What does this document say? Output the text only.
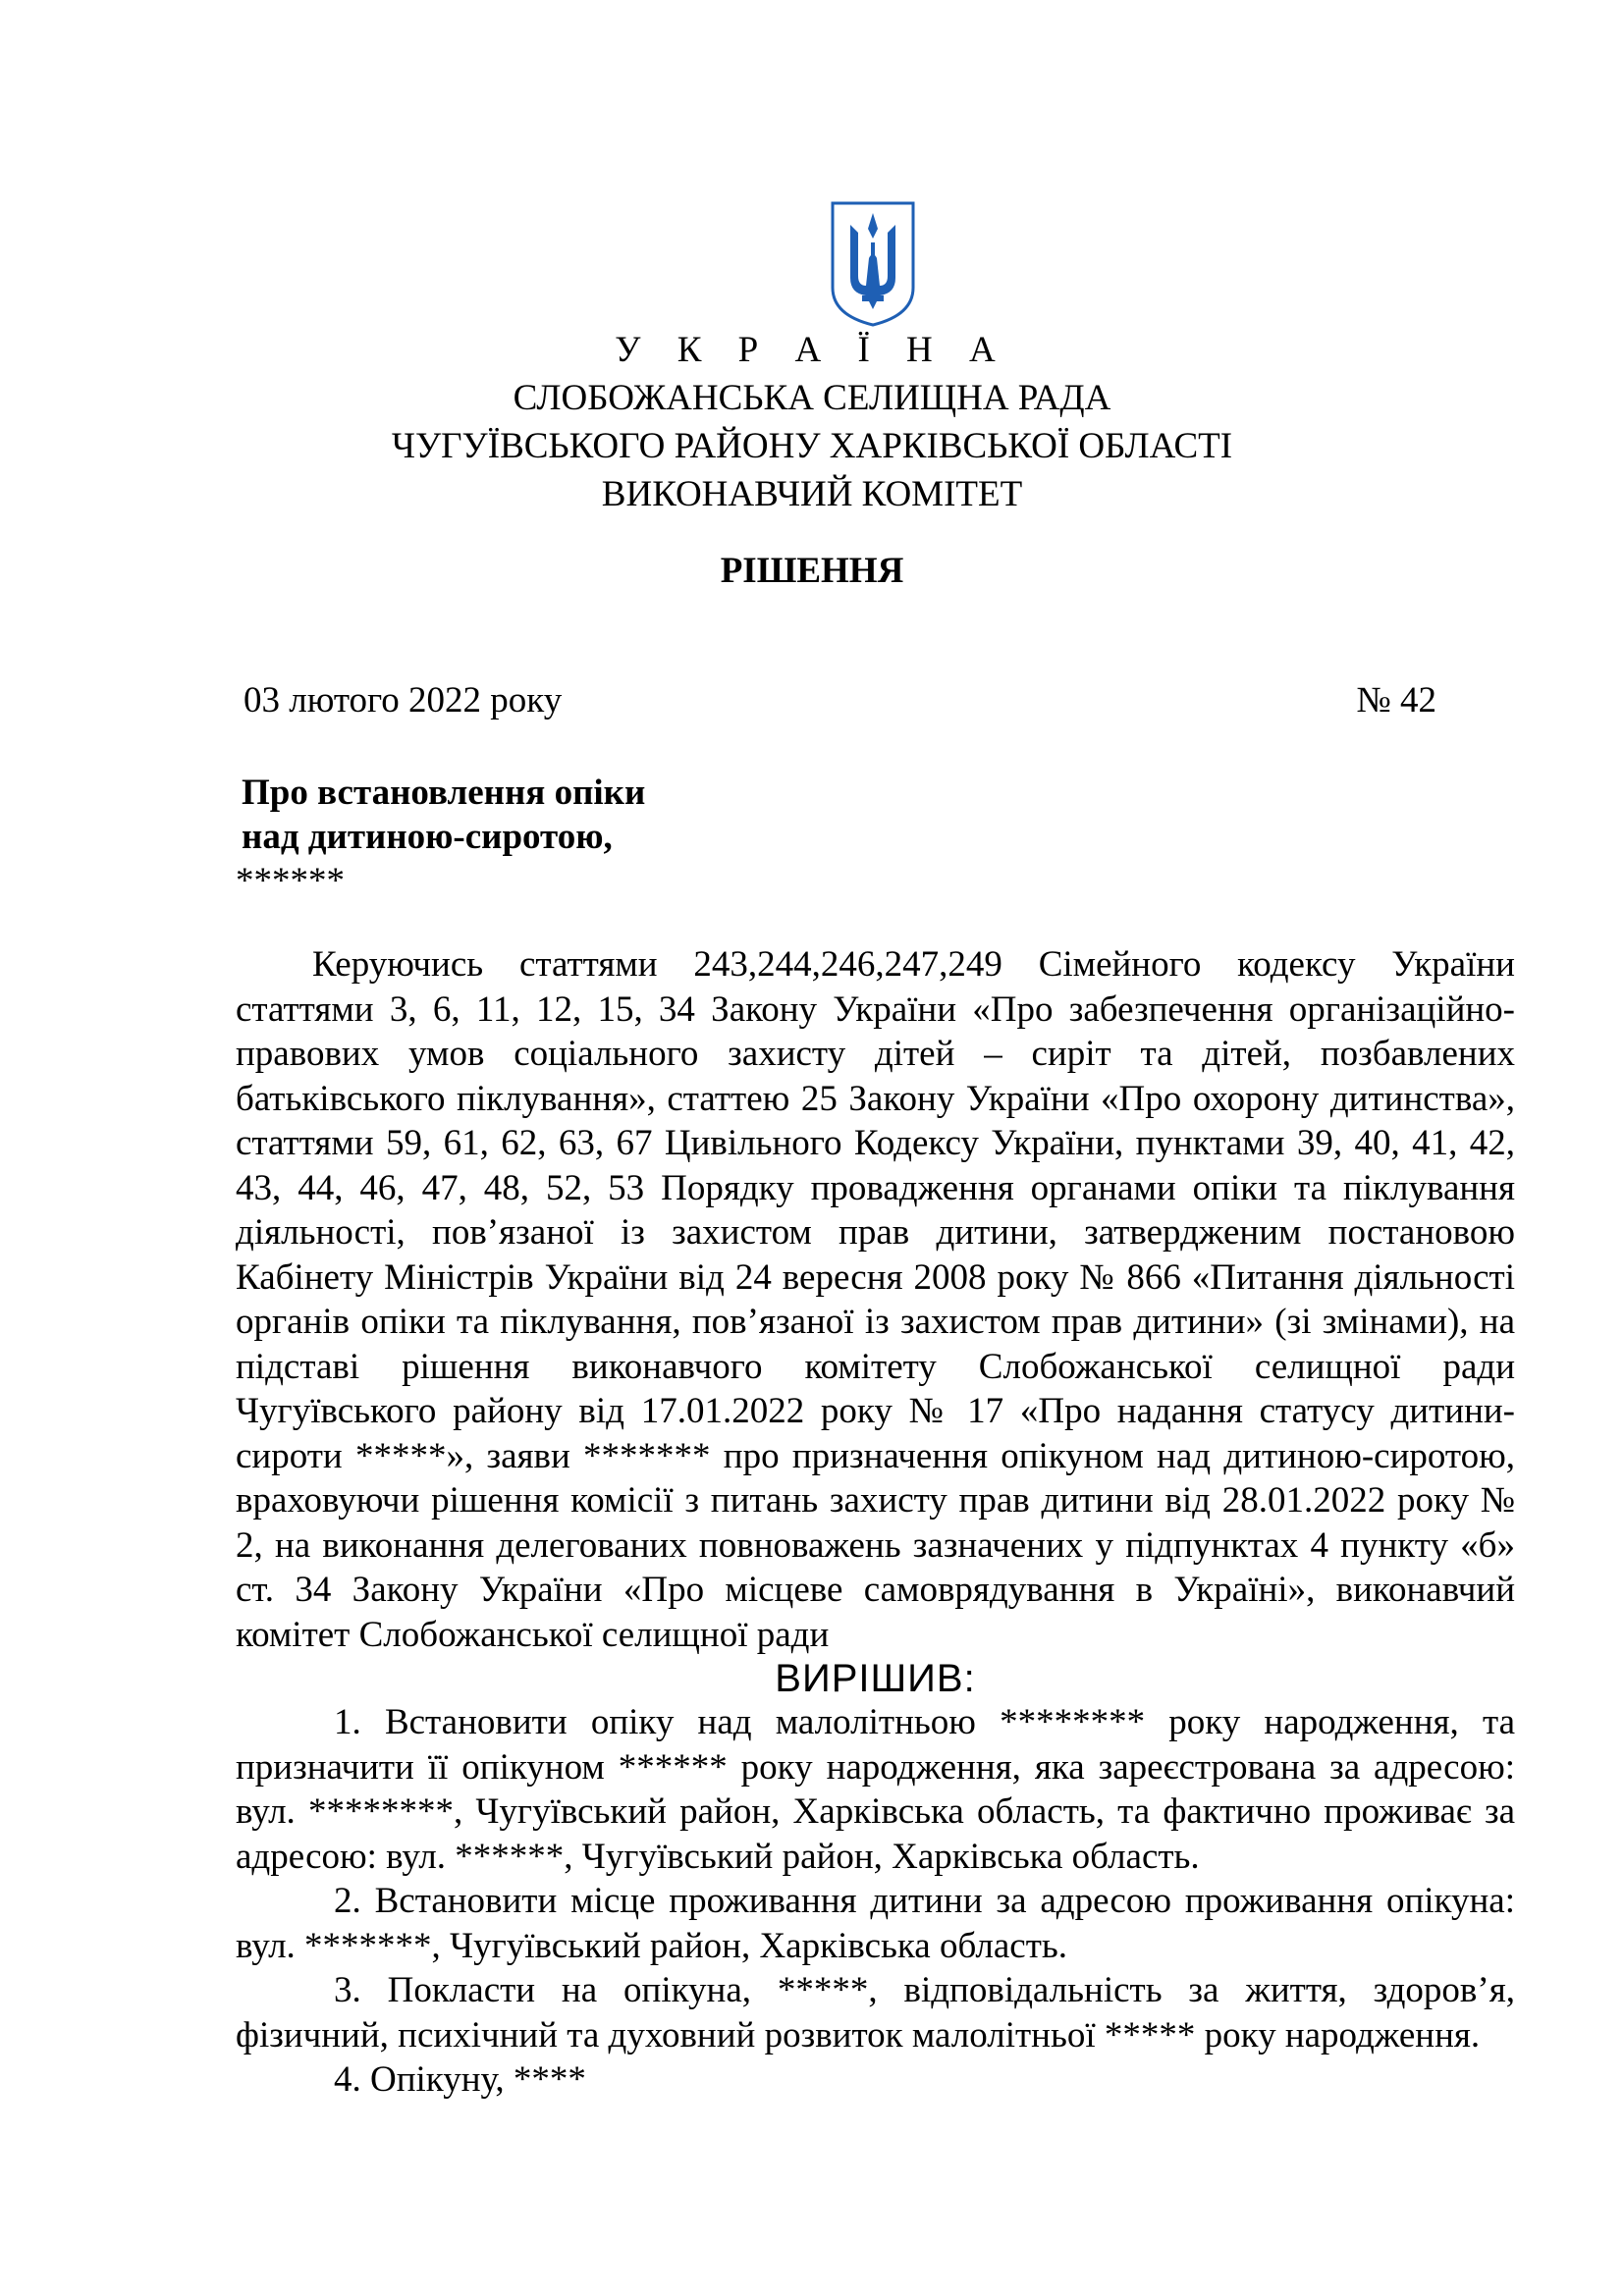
У К Р А Ї Н А
СЛОБОЖАНСЬКА СЕЛИЩНА РАДА
ЧУГУЇВСЬКОГО РАЙОНУ ХАРКІВСЬКОЇ ОБЛАСТІ
ВИКОНАВЧИЙ КОМІТЕТ
РІШЕННЯ
03 лютого 2022 року	№ 42
Про встановлення опіки
над дитиною-сиротою,
******

Керуючись статтями 243,244,246,247,249 Сімейного кодексу України статтями 3, 6, 11, 12, 15, 34 Закону України «Про забезпечення організаційно-правових умов соціального захисту дітей – сиріт та дітей, позбавлених батьківського піклування», статтею 25 Закону України «Про охорону дитинства», статтями 59, 61, 62, 63, 67 Цивільного Кодексу України, пунктами 39, 40, 41, 42, 43, 44, 46, 47, 48, 52, 53 Порядку провадження органами опіки та піклування діяльності, пов’язаної із захистом прав дитини, затвердженим постановою Кабінету Міністрів України від 24 вересня 2008 року № 866 «Питання діяльності органів опіки та піклування, пов’язаної із захистом прав дитини» (зі змінами), на підставі рішення виконавчого комітету Слобожанської селищної ради Чугуївського району від 17.01.2022 року № 17 «Про надання статусу дитини-сироти *****», заяви ******* про призначення опікуном над дитиною-сиротою, враховуючи рішення комісії з питань захисту прав дитини від 28.01.2022 року № 2, на виконання делегованих повноважень зазначених у підпунктах 4 пункту «б» ст. 34 Закону України «Про місцеве самоврядування в Україні», виконавчий комітет Слобожанської селищної ради

ВИРІШИВ:

1. Встановити опіку над малолітньою ******** року народження, та призначити її опікуном ****** року народження, яка зареєстрована за адресою: вул. ********, Чугуївський район, Харківська область, та фактично проживає за адресою: вул. ******, Чугуївський район, Харківська область.

2. Встановити місце проживання дитини за адресою проживання опікуна: вул. *******, Чугуївський район, Харківська область.

3. Покласти на опікуна, *****, відповідальність за життя, здоров’я, фізичний, психічний та духовний розвиток малолітньої ***** року народження.

4. Опікуну, ****
